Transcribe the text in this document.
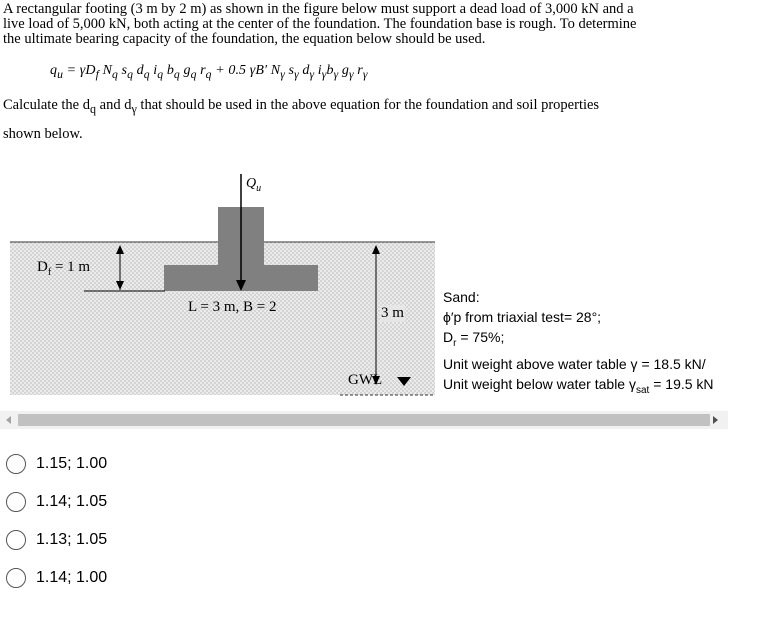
A rectangular footing (3 m by 2 m) as shown in the figure below must support a dead load of 3,000 kN and a
live load of 5,000 kN, both acting at the center of the foundation. The foundation base is rough. To determine
the ultimate bearing capacity of the foundation, the equation below should be used.
$q_u = \gamma D_f$ $N_q$ $s_q$ $d_q$ $i_q$ $b_q$ $g_q$ $r_q + 0.5$ γB′ $N_\gamma$ $s_\gamma$ $d_\gamma$ $i_\gamma b_\gamma$ $g_\gamma$ $r_\gamma$
Calculate the $d_q$ and $d_\gamma$ that should be used in the above equation for the foundation and soil properties
shown below.
$Q_u$
$D_f = 1$ m
L = 3 m, B = 2	3 m
GWL
Sand:
ϕ′p from triaxial test= 28°;
$D_r = 75\%$;
Unit weight above water table γ = 18.5 kN/
Unit weight below water table $\gamma_{sat} = 19.5$ kN
1.15; 1.00
1.14; 1.05
1.13; 1.05
1.14; 1.00
